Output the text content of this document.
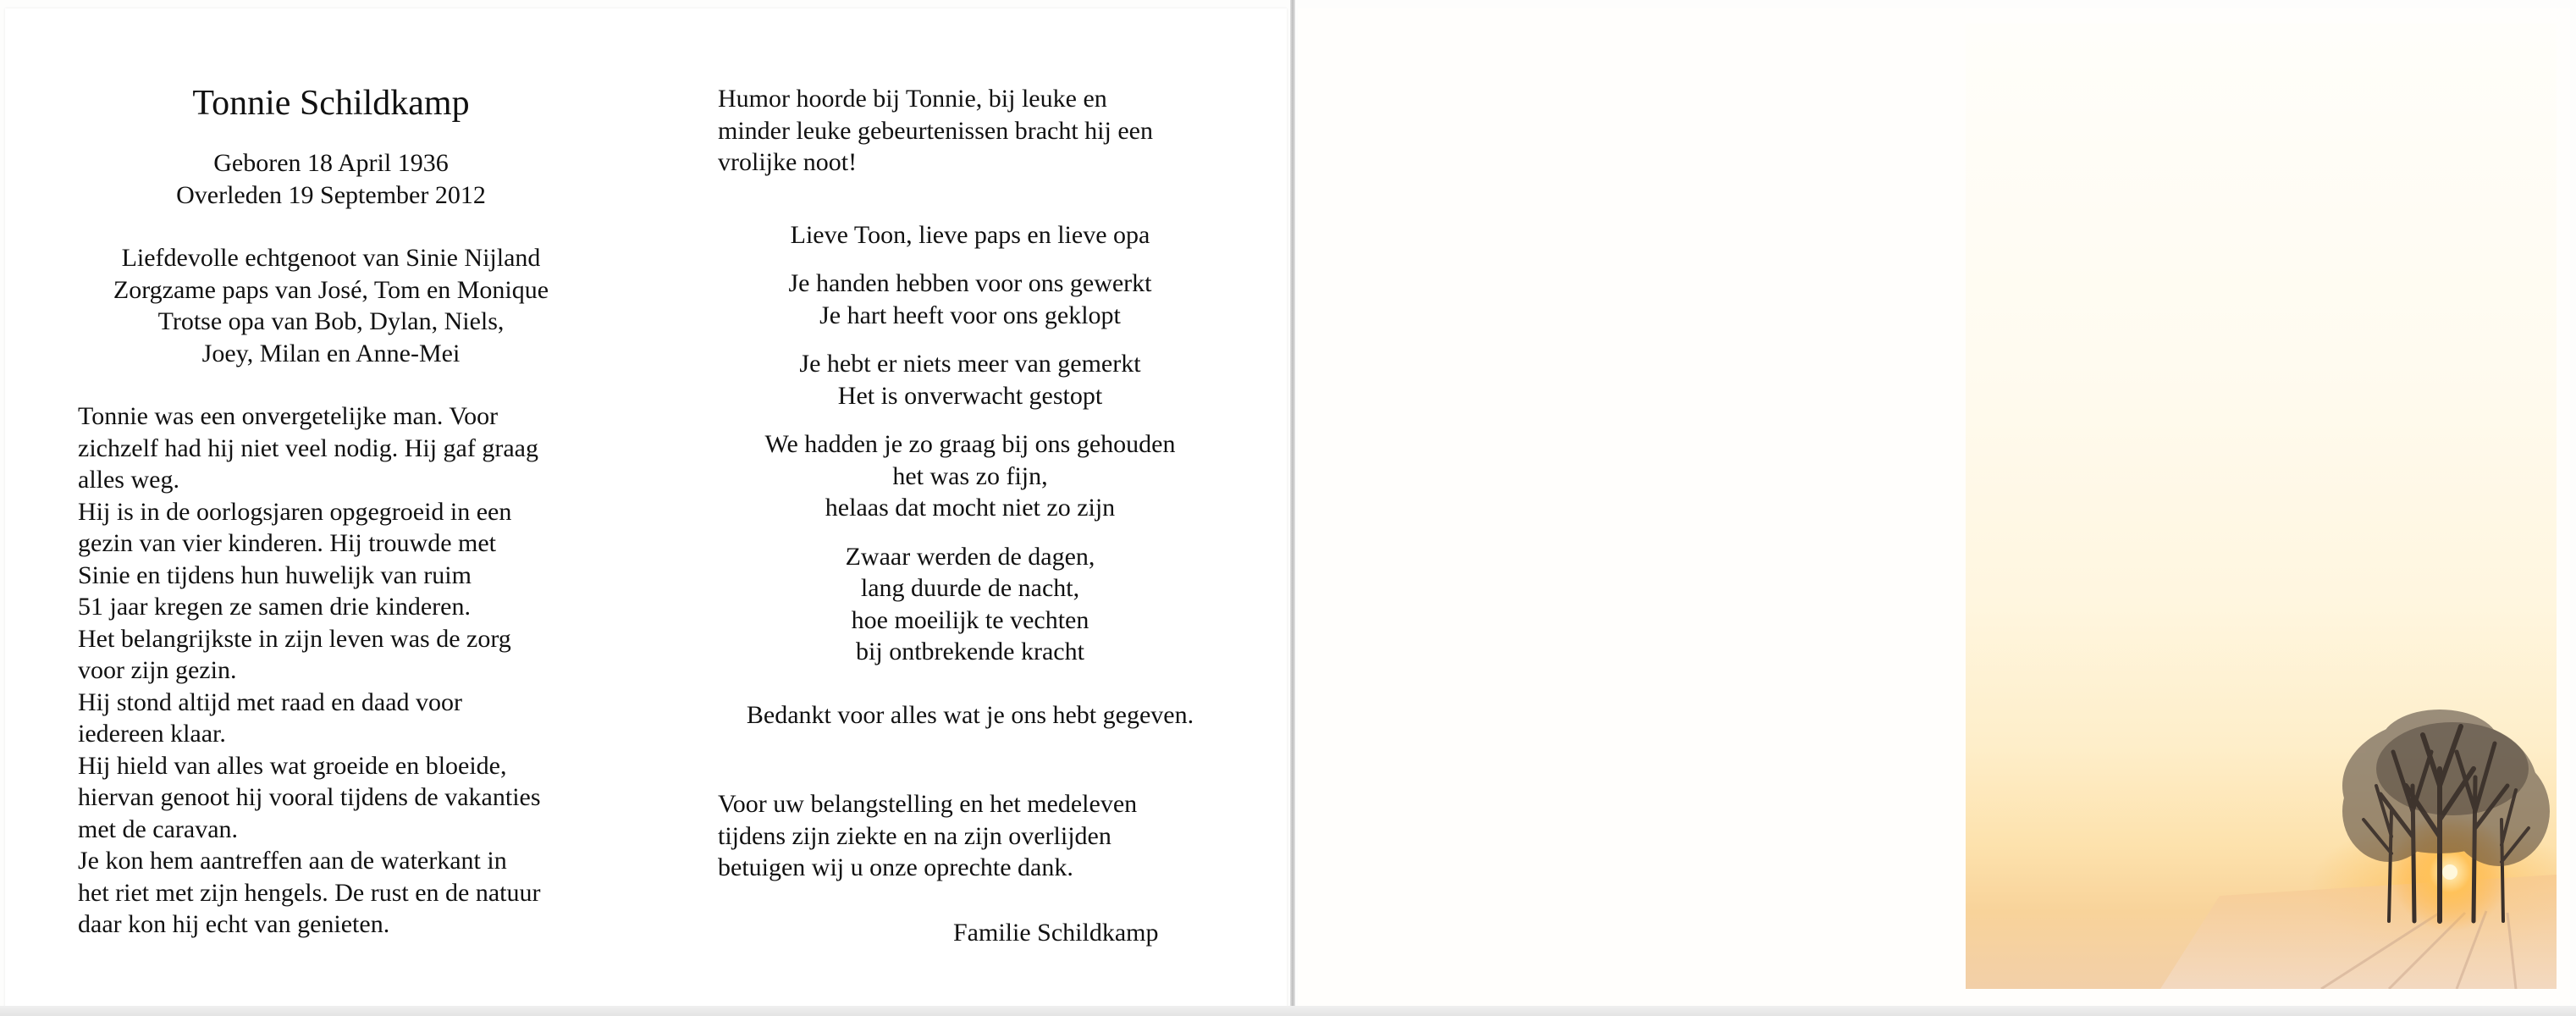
Tonnie Schildkamp
Geboren 18 April 1936
Overleden 19 September 2012
Liefdevolle echtgenoot van Sinie Nijland
Zorgzame paps van José, Tom en Monique
Trotse opa van Bob, Dylan, Niels,
Joey, Milan en Anne-Mei
Tonnie was een onvergetelijke man. Voor
zichzelf had hij niet veel nodig. Hij gaf graag
alles weg.
Hij is in de oorlogsjaren opgegroeid in een
gezin van vier kinderen. Hij trouwde met
Sinie en tijdens hun huwelijk van ruim
51 jaar kregen ze samen drie kinderen.
Het belangrijkste in zijn leven was de zorg
voor zijn gezin.
Hij stond altijd met raad en daad voor
iedereen klaar.
Hij hield van alles wat groeide en bloeide,
hiervan genoot hij vooral tijdens de vakanties
met de caravan.
Je kon hem aantreffen aan de waterkant in
het riet met zijn hengels. De rust en de natuur
daar kon hij echt van genieten.
Humor hoorde bij Tonnie, bij leuke en
minder leuke gebeurtenissen bracht hij een
vrolijke noot!
Lieve Toon, lieve paps en lieve opa
Je handen hebben voor ons gewerkt
Je hart heeft voor ons geklopt
Je hebt er niets meer van gemerkt
Het is onverwacht gestopt
We hadden je zo graag bij ons gehouden
het was zo fijn,
helaas dat mocht niet zo zijn
Zwaar werden de dagen,
lang duurde de nacht,
hoe moeilijk te vechten
bij ontbrekende kracht
Bedankt voor alles wat je ons hebt gegeven.
Voor uw belangstelling en het medeleven
tijdens zijn ziekte en na zijn overlijden
betuigen wij u onze oprechte dank.
Familie Schildkamp
